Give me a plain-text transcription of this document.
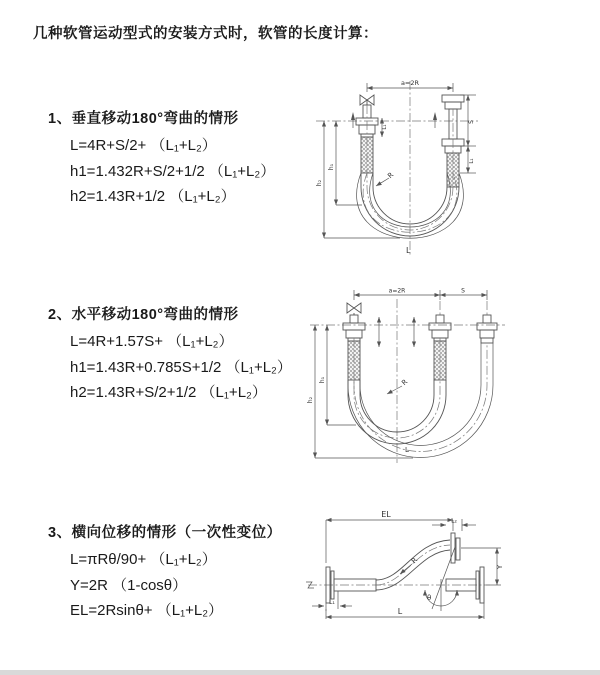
几种软管运动型式的安装方式时，软管的长度计算：
1、垂直移动180°弯曲的情形
L=4R+S/2+ （L₁+L₂）
h1=1.432R+S/2+1/2 （L₁+L₂）
h2=1.43R+1/2 （L₁+L₂）
2、水平移动180°弯曲的情形
L=4R+1.57S+ （L₁+L₂）
h1=1.43R+0.785S+1/2 （L₁+L₂）
h2=1.43R+S/2+1/2 （L₁+L₂）
3、横向位移的情形（一次性变位）
L=πRθ/90+ （L₁+L₂）
Y=2R （1-cosθ）
EL=2Rsinθ+ （L₁+L₂）
a=2R
h₂
h₁
L₁
S
L₁
R
L
a=2R	S
h₁
h₂
R
L
EL
L₂
Y
θ
R
L₁
L
